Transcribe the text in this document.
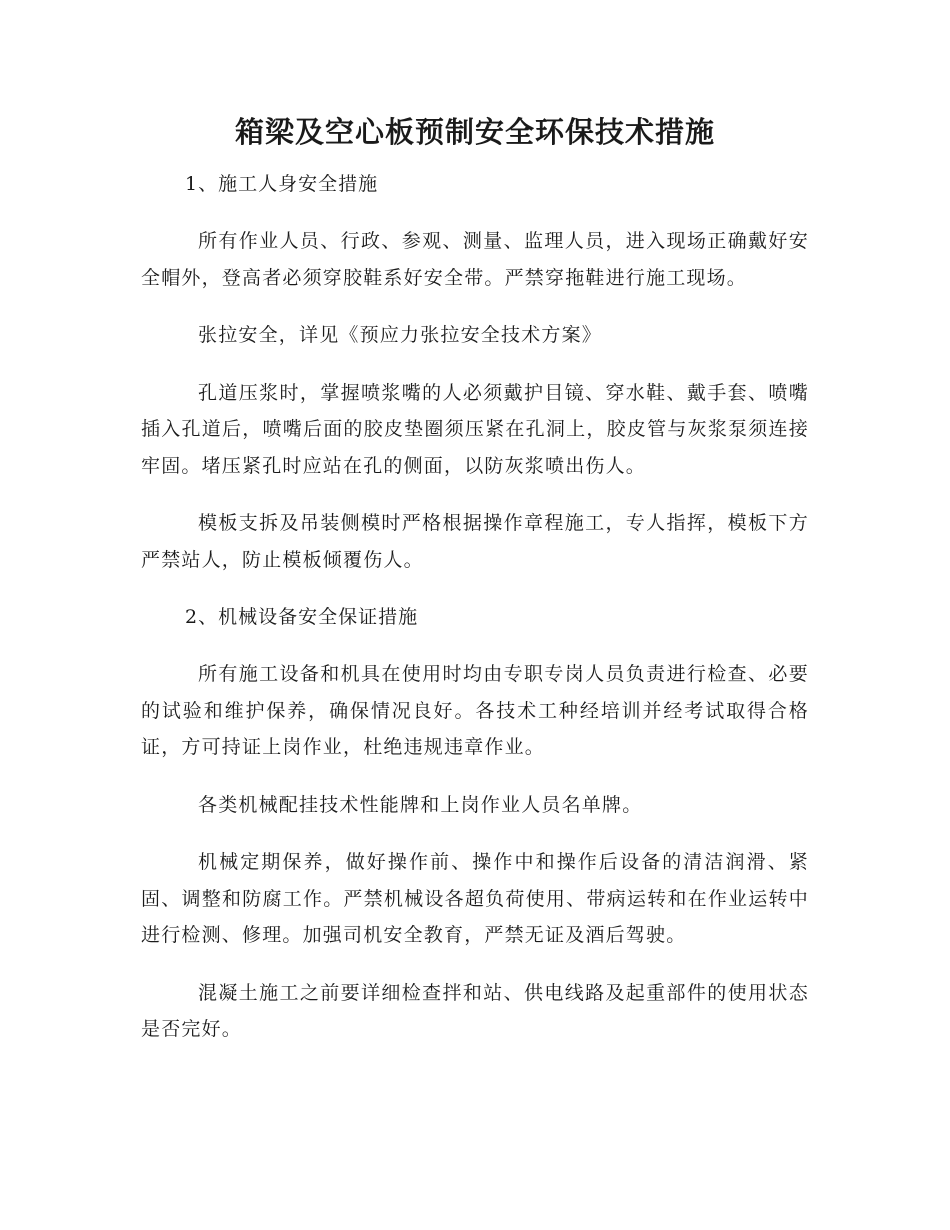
箱梁及空心板预制安全环保技术措施

1、施工人身安全措施

所有作业人员、行政、参观、测量、监理人员，进入现场正确戴好安全帽外，登高者必须穿胶鞋系好安全带。严禁穿拖鞋进行施工现场。

张拉安全，详见《预应力张拉安全技术方案》

孔道压浆时，掌握喷浆嘴的人必须戴护目镜、穿水鞋、戴手套、喷嘴插入孔道后，喷嘴后面的胶皮垫圈须压紧在孔洞上，胶皮管与灰浆泵须连接牢固。堵压紧孔时应站在孔的侧面，以防灰浆喷出伤人。

模板支拆及吊装侧模时严格根据操作章程施工，专人指挥，模板下方严禁站人，防止模板倾覆伤人。

2、机械设备安全保证措施

所有施工设备和机具在使用时均由专职专岗人员负责进行检查、必要的试验和维护保养，确保情况良好。各技术工种经培训并经考试取得合格证，方可持证上岗作业，杜绝违规违章作业。

各类机械配挂技术性能牌和上岗作业人员名单牌。

机械定期保养，做好操作前、操作中和操作后设备的清洁润滑、紧固、调整和防腐工作。严禁机械设各超负荷使用、带病运转和在作业运转中进行检测、修理。加强司机安全教育，严禁无证及酒后驾驶。

混凝土施工之前要详细检查拌和站、供电线路及起重部件的使用状态是否完好。
